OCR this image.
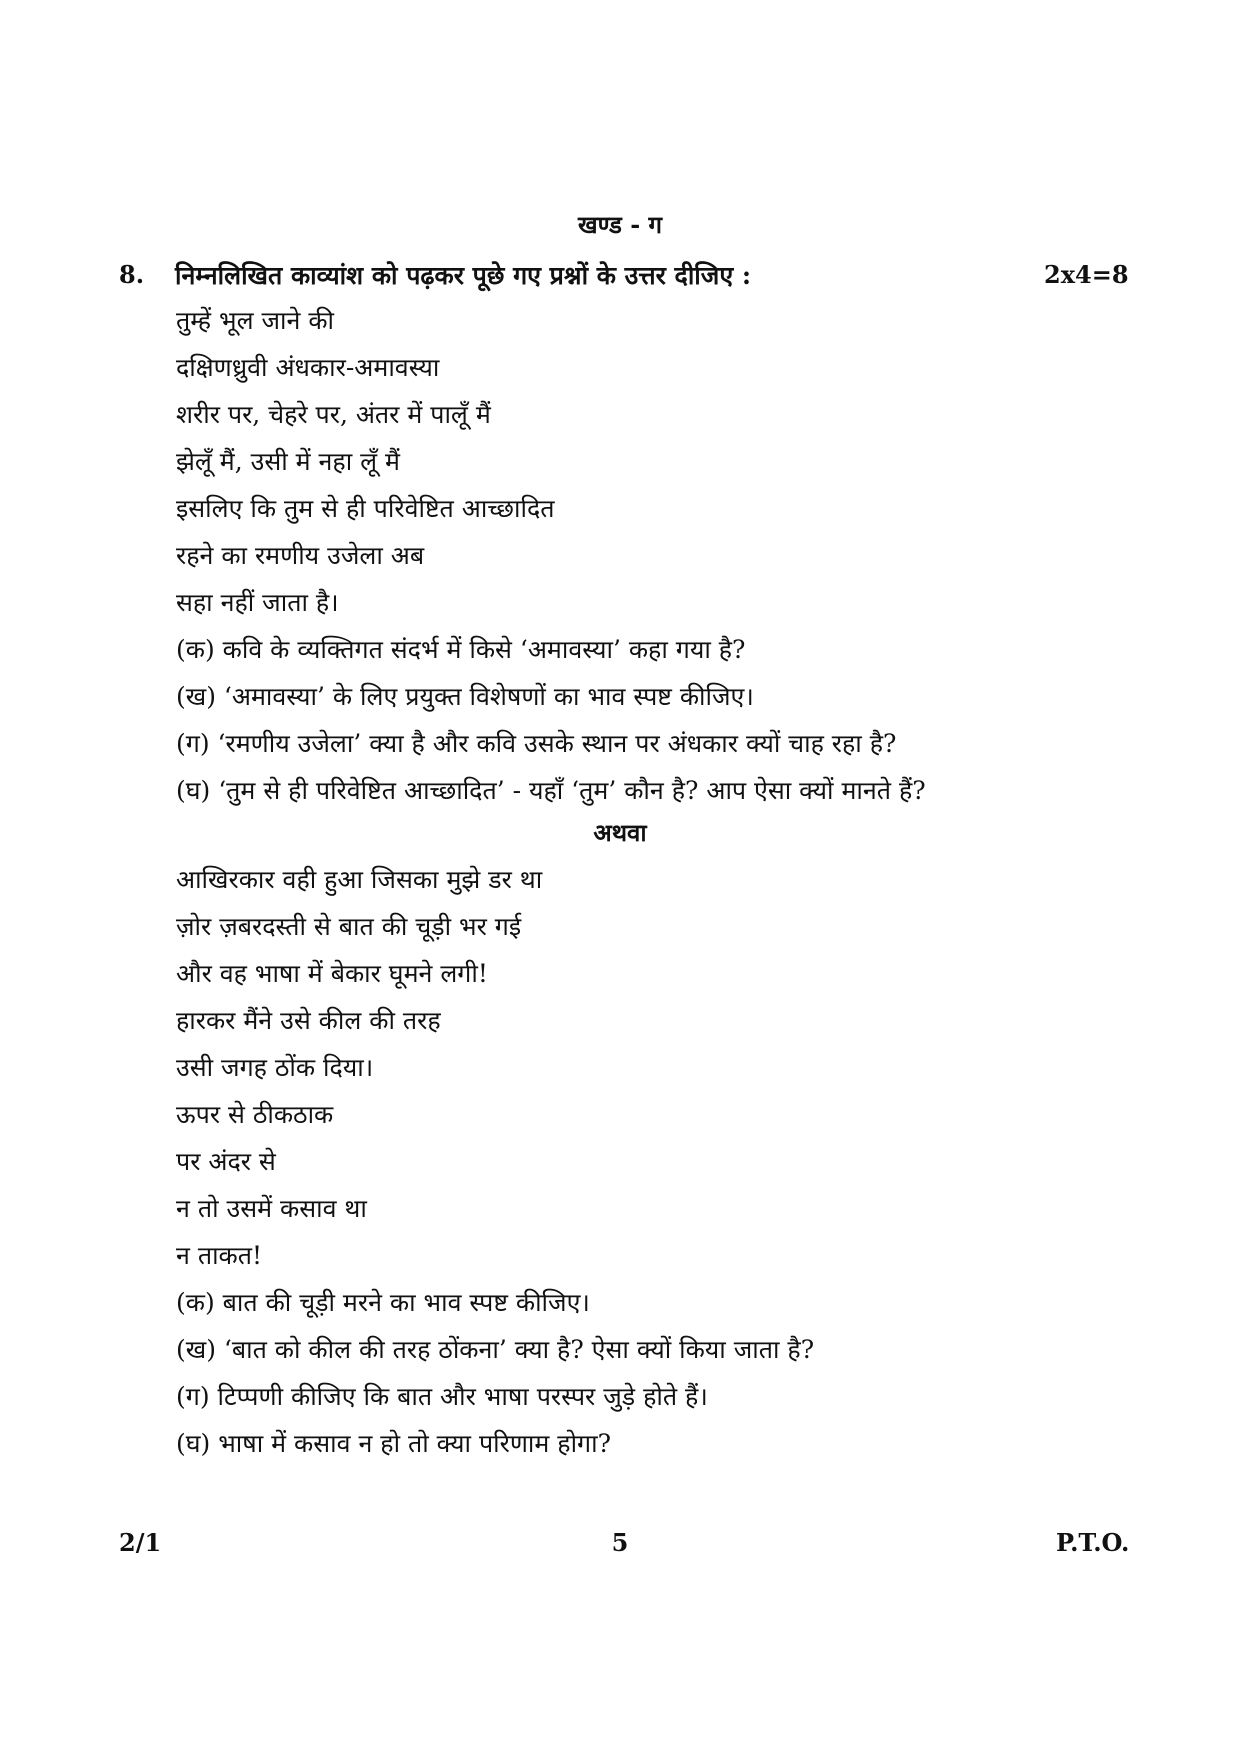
खण्ड - ग
8. निम्नलिखित काव्यांश को पढ़कर पूछे गए प्रश्नों के उत्तर दीजिए :	2x4=8
तुम्हें भूल जाने की
दक्षिणध्रुवी अंधकार-अमावस्या
शरीर पर, चेहरे पर, अंतर में पालूँ मैं
झेलूँ मैं, उसी में नहा लूँ मैं
इसलिए कि तुम से ही परिवेष्टित आच्छादित
रहने का रमणीय उजेला अब
सहा नहीं जाता है।
(क) कवि के व्यक्तिगत संदर्भ में किसे ‘अमावस्या’ कहा गया है?
(ख) ‘अमावस्या’ के लिए प्रयुक्त विशेषणों का भाव स्पष्ट कीजिए।
(ग) ‘रमणीय उजेला’ क्या है और कवि उसके स्थान पर अंधकार क्यों चाह रहा है?
(घ) ‘तुम से ही परिवेष्टित आच्छादित’ - यहाँ ‘तुम’ कौन है? आप ऐसा क्यों मानते हैं?
अथवा
आखिरकार वही हुआ जिसका मुझे डर था
ज़ोर ज़बरदस्ती से बात की चूड़ी भर गई
और वह भाषा में बेकार घूमने लगी!
हारकर मैंने उसे कील की तरह
उसी जगह ठोंक दिया।
ऊपर से ठीकठाक
पर अंदर से
न तो उसमें कसाव था
न ताकत!
(क) बात की चूड़ी मरने का भाव स्पष्ट कीजिए।
(ख) ‘बात को कील की तरह ठोंकना’ क्या है? ऐसा क्यों किया जाता है?
(ग) टिप्पणी कीजिए कि बात और भाषा परस्पर जुड़े होते हैं।
(घ) भाषा में कसाव न हो तो क्या परिणाम होगा?
2/1	5	P.T.O.
